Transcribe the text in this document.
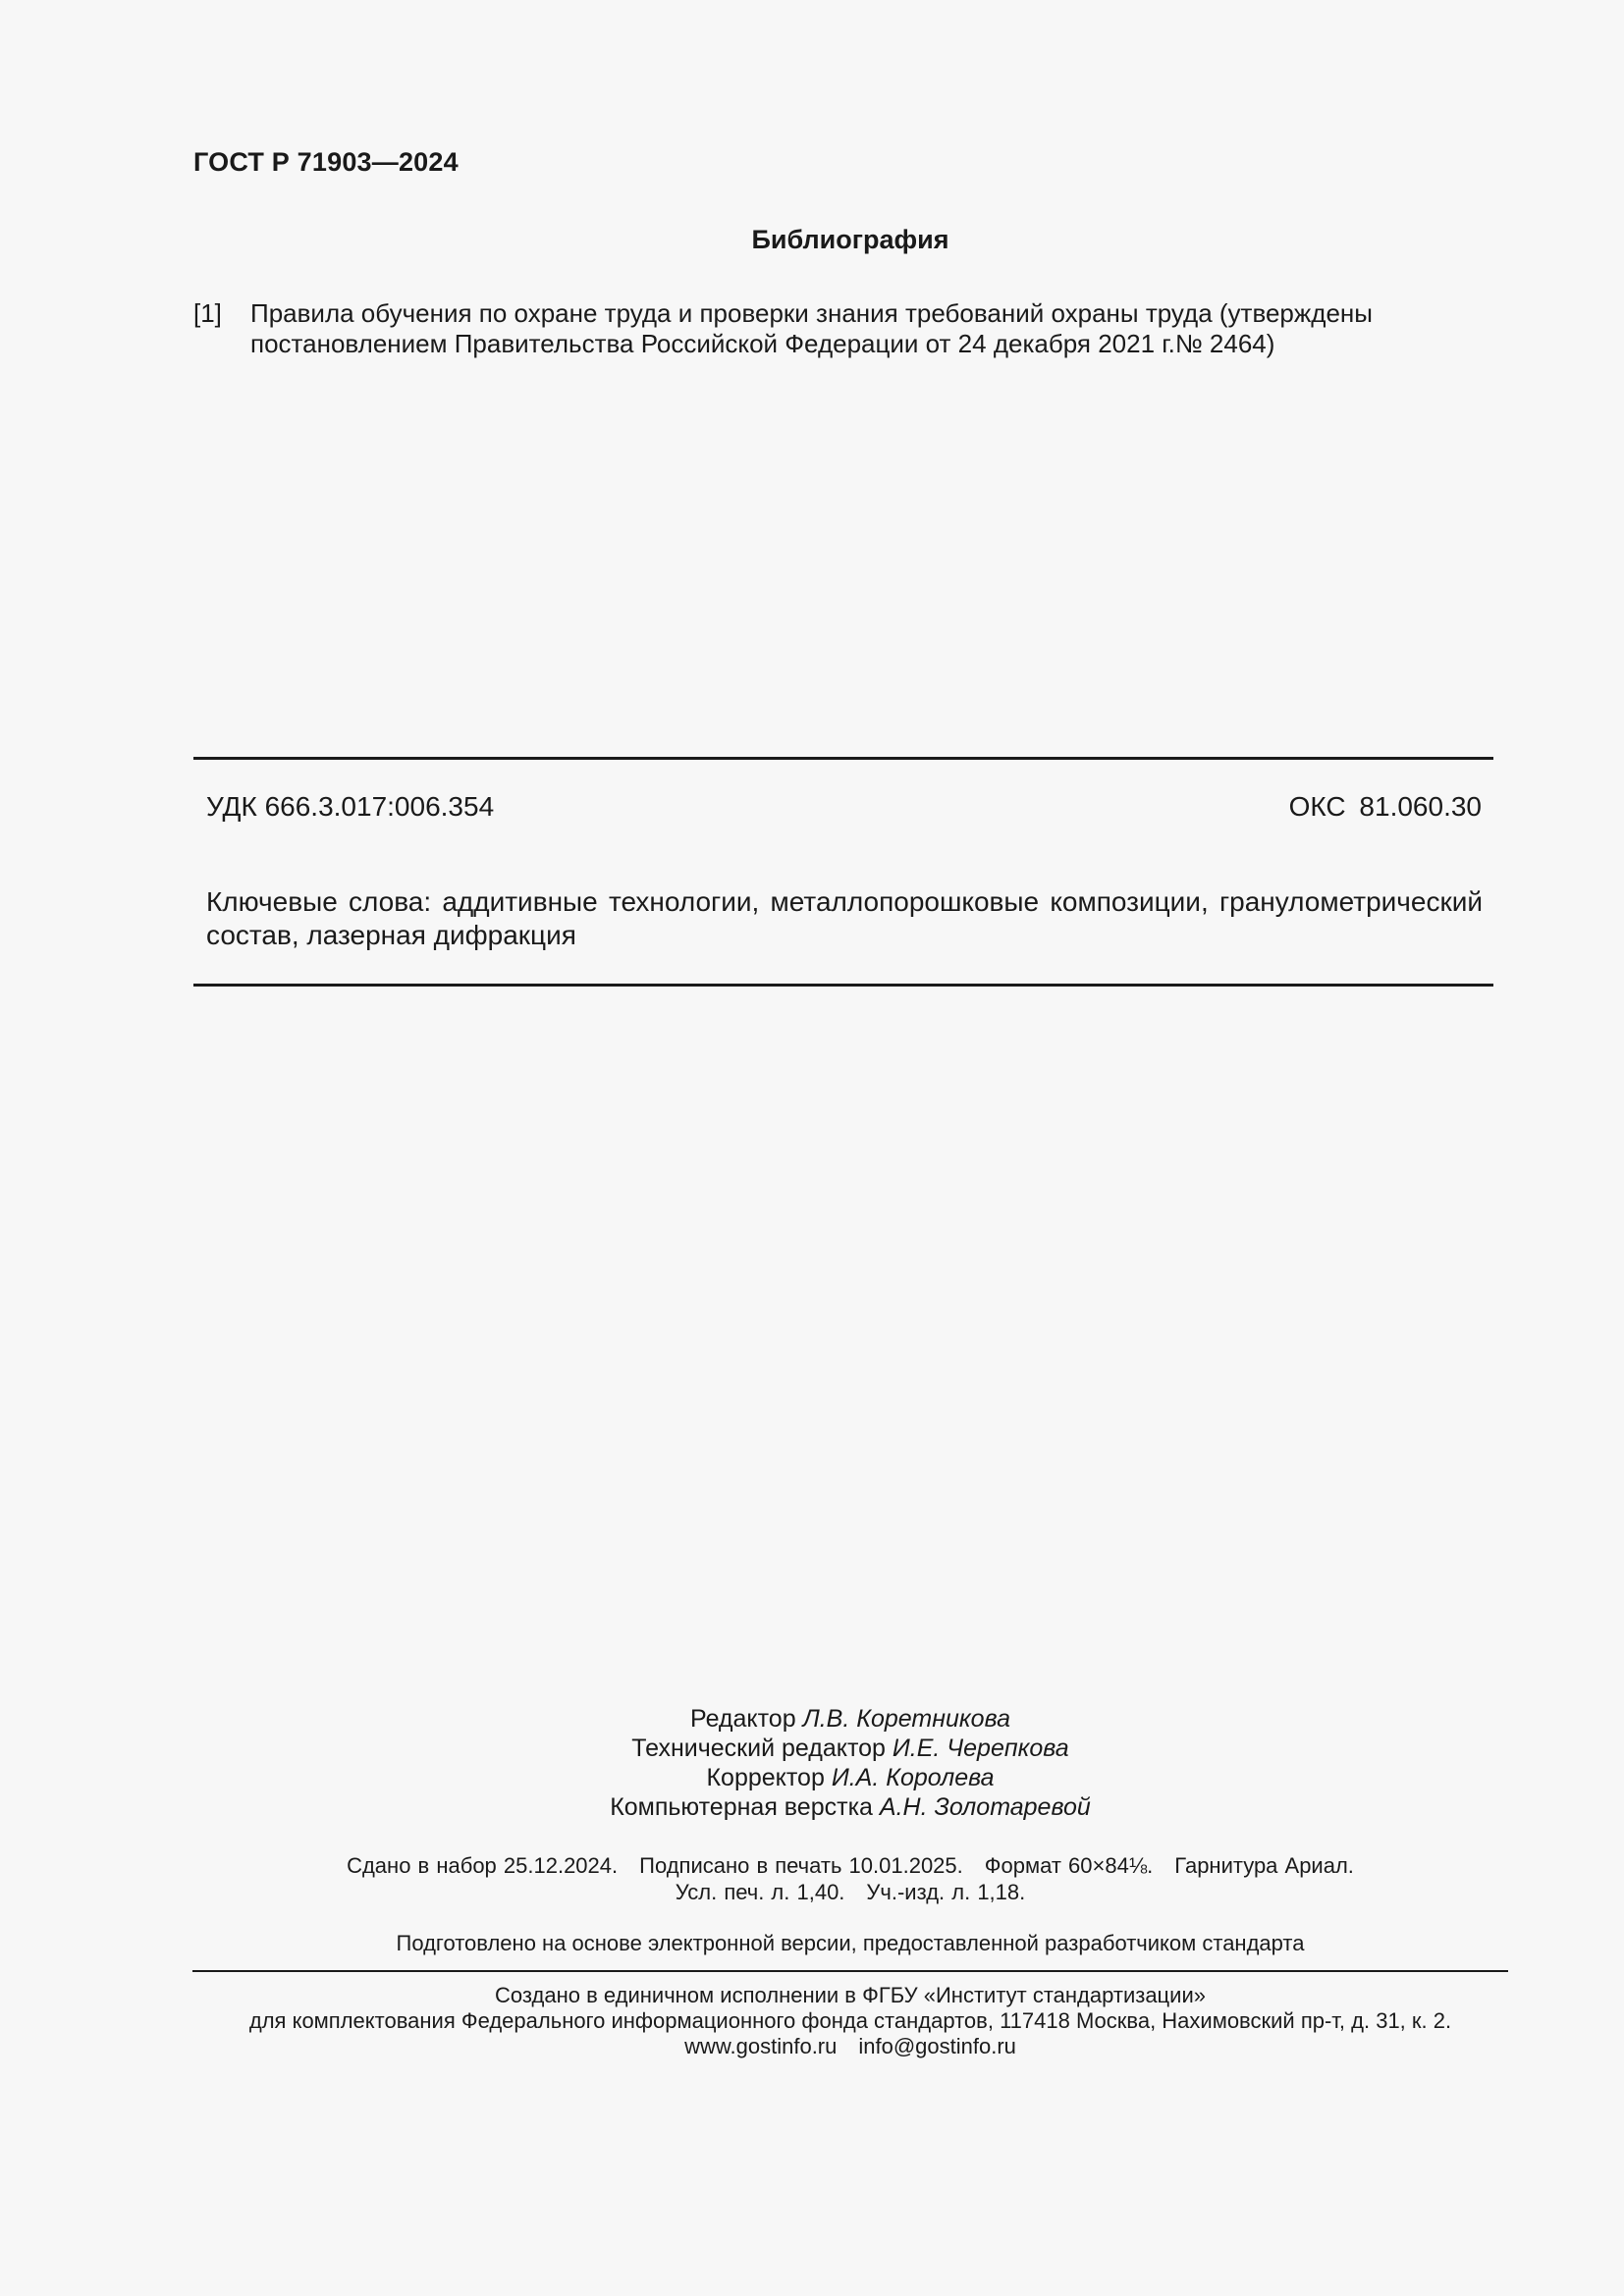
ГОСТ Р 71903—2024
Библиография
[1] Правила обучения по охране труда и проверки знания требований охраны труда (утверждены постановлением Правительства Российской Федерации от 24 декабря 2021 г.№ 2464)
УДК 666.3.017:006.354	ОКС 81.060.30
Ключевые слова: аддитивные технологии, металлопорошковые композиции, гранулометрический состав, лазерная дифракция
Редактор Л.В. Коретникова
Технический редактор И.Е. Черепкова
Корректор И.А. Королева
Компьютерная верстка А.Н. Золотаревой
Сдано в набор 25.12.2024. Подписано в печать 10.01.2025. Формат 60×84⅛. Гарнитура Ариал.
Усл. печ. л. 1,40. Уч.-изд. л. 1,18.
Подготовлено на основе электронной версии, предоставленной разработчиком стандарта
Создано в единичном исполнении в ФГБУ «Институт стандартизации»
для комплектования Федерального информационного фонда стандартов, 117418 Москва, Нахимовский пр-т, д. 31, к. 2.
www.gostinfo.ru info@gostinfo.ru
